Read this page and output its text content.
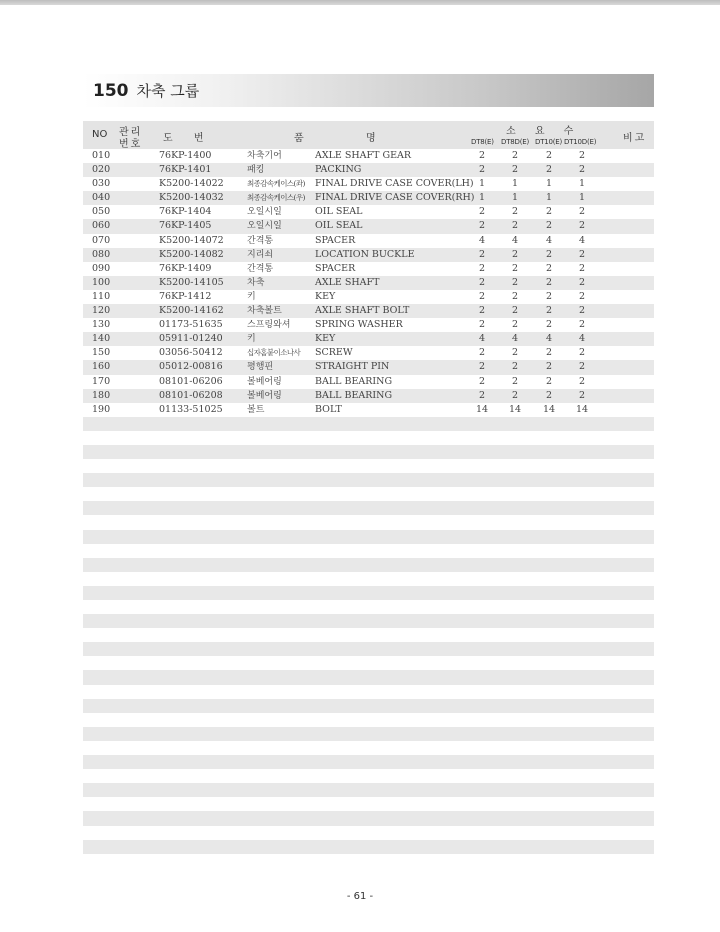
150 차축 그룹
NO 관리
번호
도 번	품	명
소 요 수
DT8(E) DT8D(E) DT10(E) DT10D(E)	비고
010	76KP-1400	차축기어	AXLE SHAFT GEAR	2	2	2	2
020	76KP-1401	패킹	PACKING	2	2	2	2
030	K5200-14022	최종감속케이스(좌) FINAL DRIVE CASE COVER(LH) 1	1	1	1
040	K5200-14032	최종감속케이스(우) FINAL DRIVE CASE COVER(RH) 1	1	1	1
050	76KP-1404	오일시일	OIL SEAL	2	2	2	2
060	76KP-1405	오일시일	OIL SEAL	2	2	2	2
070	K5200-14072	간격통	SPACER	4	4	4	4
080	K5200-14082	지리쇠	LOCATION BUCKLE	2	2	2	2
090	76KP-1409	간격통	SPACER	2	2	2	2
100	K5200-14105	차축	AXLE SHAFT	2	2	2	2
110	76KP-1412	키	KEY	2	2	2	2
120	K5200-14162	차축볼트	AXLE SHAFT BOLT	2	2	2	2
130	01173-51635	스프링와셔	SPRING WASHER	2	2	2	2
140	05911-01240	키	KEY	4	4	4	4
150	03056-50412	십자홈붙이소나사 SCREW	2	2	2	2
160	05012-00816	평행핀	STRAIGHT PIN	2	2	2	2
170	08101-06206	볼베어링	BALL BEARING	2	2	2	2
180	08101-06208	볼베어링	BALL BEARING	2	2	2	2
190	01133-51025	볼트	BOLT	14	14	14	14
- 61 -
